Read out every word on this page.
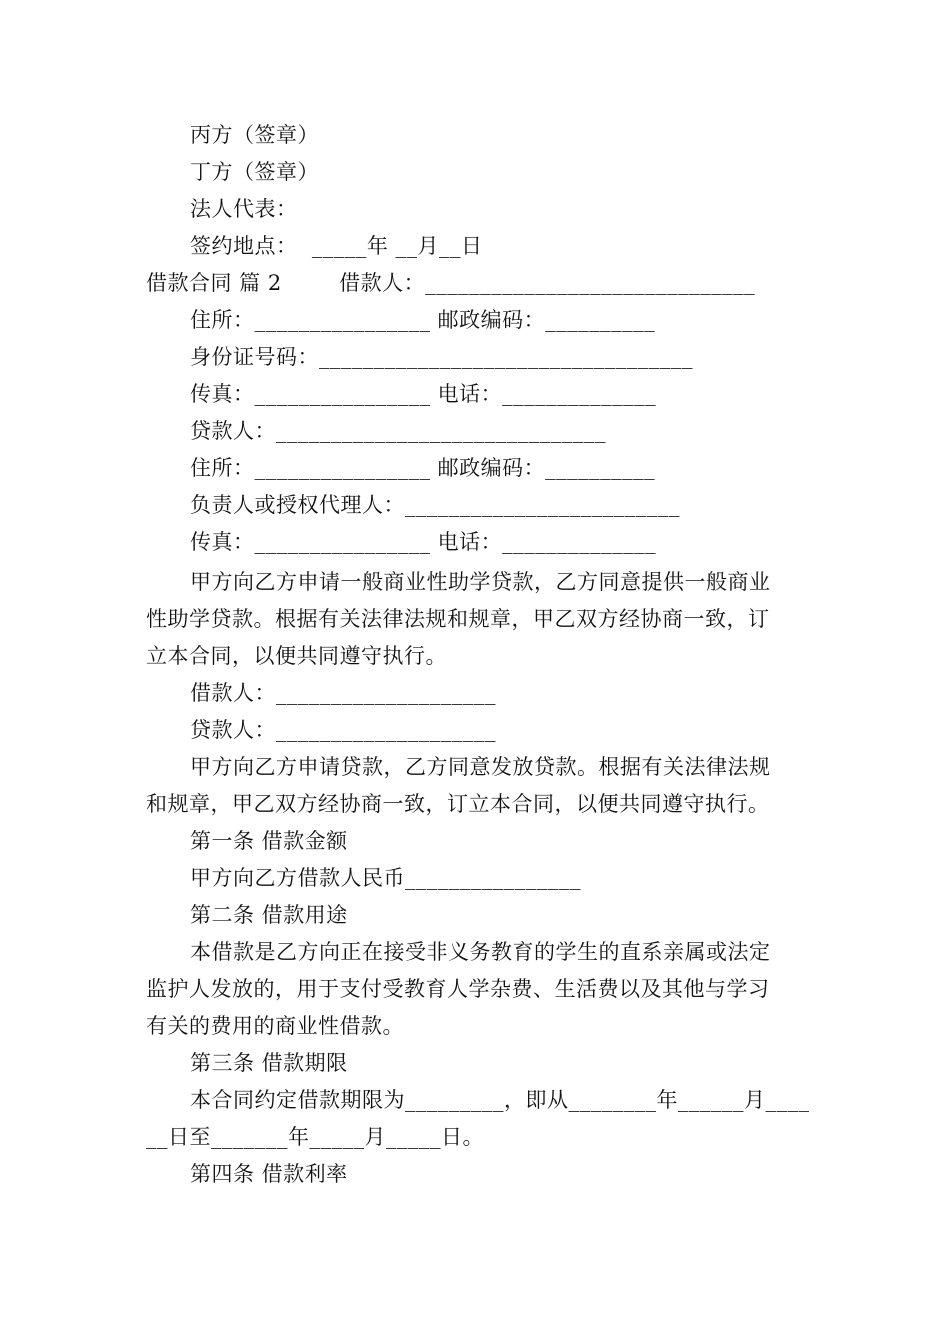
丙方（签章）
丁方（签章）
法人代表：
签约地点：  _____年 __月__日
借款合同 篇 2        借款人：______________________________
住所：________________ 邮政编码：__________
身份证号码：__________________________________
传真：________________ 电话：______________
贷款人：______________________________
住所：________________ 邮政编码：__________
负责人或授权代理人：_________________________
传真：________________ 电话：______________
甲方向乙方申请一般商业性助学贷款，乙方同意提供一般商业
性助学贷款。根据有关法律法规和规章，甲乙双方经协商一致，订
立本合同，以便共同遵守执行。
借款人：____________________
贷款人：____________________
甲方向乙方申请贷款，乙方同意发放贷款。根据有关法律法规
和规章，甲乙双方经协商一致，订立本合同，以便共同遵守执行。
第一条 借款金额
甲方向乙方借款人民币________________
第二条 借款用途
本借款是乙方向正在接受非义务教育的学生的直系亲属或法定
监护人发放的，用于支付受教育人学杂费、生活费以及其他与学习
有关的费用的商业性借款。
第三条 借款期限
本合同约定借款期限为_________，即从________年______月____
__日至_______年_____月_____日。
第四条 借款利率
